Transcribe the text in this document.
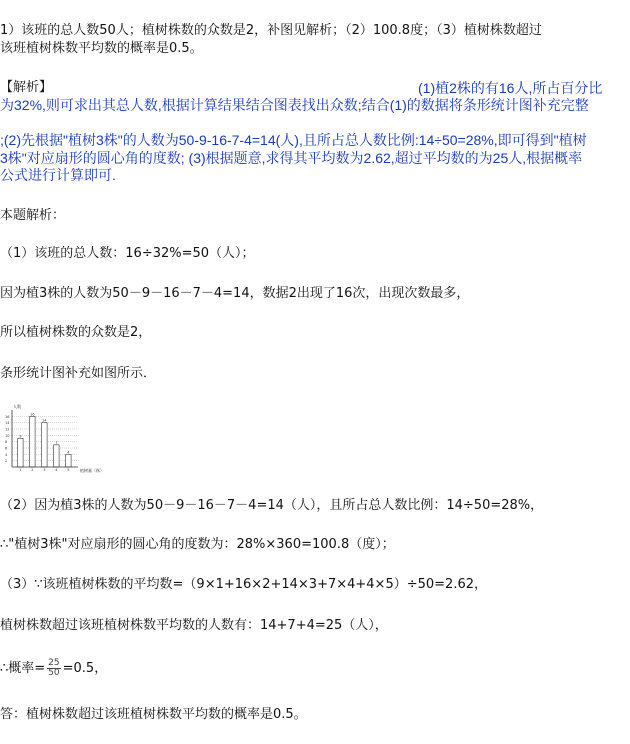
1）该班的总人数50人；植树株数的众数是2，补图见解析；（2）100.8度；（3）植树株数超过
该班植树株数平均数的概率是0.5。
【解析】	(1)植2株的有16人,所占百分比
为32%,则可求出其总人数,根据计算结果结合图表找出众数;结合(1)的数据将条形统计图补充完整
;(2)先根据"植树3株"的人数为50-9-16-7-4=14(人),且所占总人数比例:14÷50=28%,即可得到"植树
3株"对应扇形的圆心角的度数; (3)根据题意,求得其平均数为2.62,超过平均数的为25人,根据概率
公式进行计算即可.
本题解析：
（1）该班的总人数：16÷32%=50（人）；
因为植3株的人数为50－9－16－7－4=14，数据2出现了16次，出现次数最多，
所以植树株数的众数是2，
条形统计图补充如图所示．
16
14
12
10
8
6
4
2
9
1
16
2
14
3
7
4
4
5
人数
植树量（株）
（2）因为植3株的人数为50－9－16－7－4=14（人），且所占总人数比例：14÷50=28%，
∴"植树3株"对应扇形的圆心角的度数为：28%×360=100.8（度）；
（3）∵该班植树株数的平均数=（9×1+16×2+14×3+7×4+4×5）÷50=2.62，
植树株数超过该班植树株数平均数的人数有：14+7+4=25（人），
∴概率= $\frac{25}{50} =0.5$，
答：植树株数超过该班植树株数平均数的概率是0.5。
